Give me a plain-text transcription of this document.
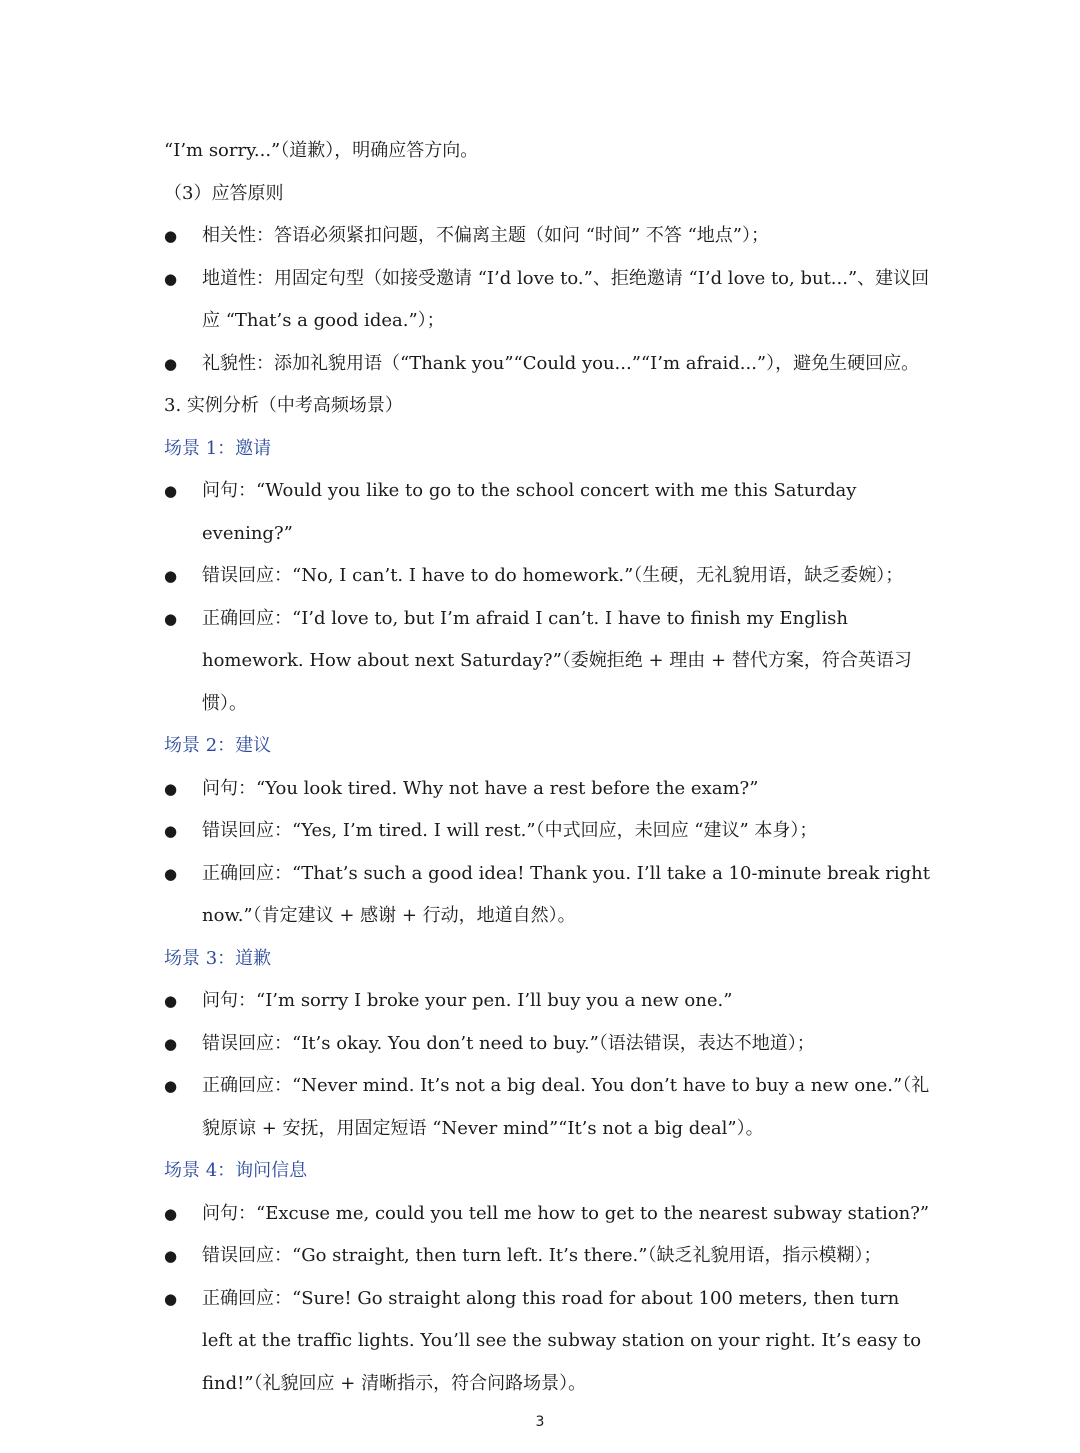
“I’m sorry...”（道歉），明确应答方向。
（3）应答原则
●	相关性：答语必须紧扣问题，不偏离主题（如问 “时间” 不答 “地点”）；
●	地道性：用固定句型（如接受邀请 “I’d love to.”、拒绝邀请 “I’d love to, but...”、建议回应 “That’s a good idea.”）；
●	礼貌性：添加礼貌用语（“Thank you”“Could you...”“I’m afraid...”），避免生硬回应。
3. 实例分析（中考高频场景）
场景 1：邀请
●	问句：“Would you like to go to the school concert with me this Saturday evening?”
●	错误回应：“No, I can’t. I have to do homework.”（生硬，无礼貌用语，缺乏委婉）；
●	正确回应：“I’d love to, but I’m afraid I can’t. I have to finish my English homework. How about next Saturday?”（委婉拒绝 + 理由 + 替代方案，符合英语习惯）。
场景 2：建议
●	问句：“You look tired. Why not have a rest before the exam?”
●	错误回应：“Yes, I’m tired. I will rest.”（中式回应，未回应 “建议” 本身）；
●	正确回应：“That’s such a good idea! Thank you. I’ll take a 10-minute break right now.”（肯定建议 + 感谢 + 行动，地道自然）。
场景 3：道歉
●	问句：“I’m sorry I broke your pen. I’ll buy you a new one.”
●	错误回应：“It’s okay. You don’t need to buy.”（语法错误，表达不地道）；
●	正确回应：“Never mind. It’s not a big deal. You don’t have to buy a new one.”（礼貌原谅 + 安抚，用固定短语 “Never mind”“It’s not a big deal”）。
场景 4：询问信息
●	问句：“Excuse me, could you tell me how to get to the nearest subway station?”
●	错误回应：“Go straight, then turn left. It’s there.”（缺乏礼貌用语，指示模糊）；
●	正确回应：“Sure! Go straight along this road for about 100 meters, then turn left at the traffic lights. You’ll see the subway station on your right. It’s easy to find!”（礼貌回应 + 清晰指示，符合问路场景）。
3
